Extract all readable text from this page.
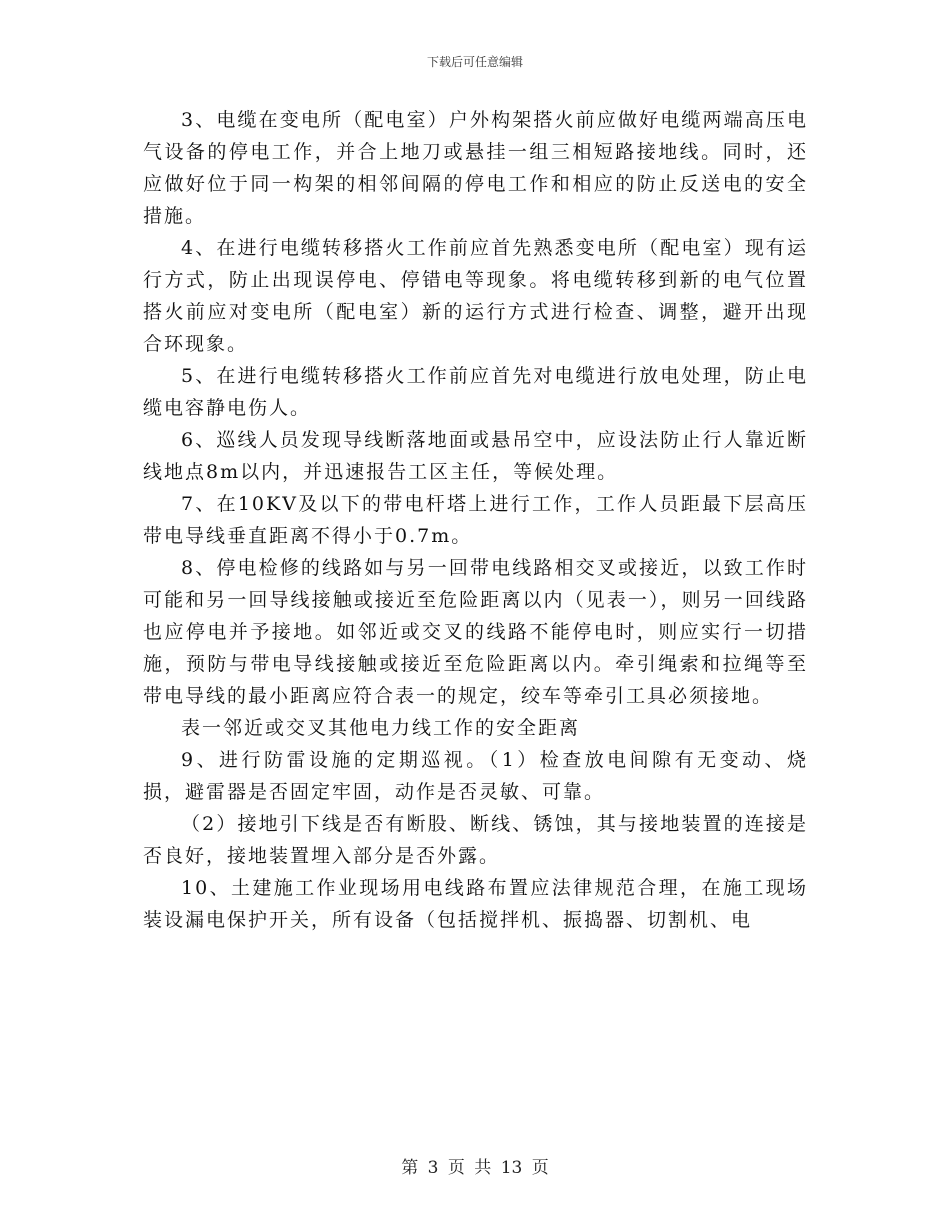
下载后可任意编辑

3、电缆在变电所（配电室）户外构架搭火前应做好电缆两端高压电气设备的停电工作，并合上地刀或悬挂一组三相短路接地线。同时，还应做好位于同一构架的相邻间隔的停电工作和相应的防止反送电的安全措施。

4、在进行电缆转移搭火工作前应首先熟悉变电所（配电室）现有运行方式，防止出现误停电、停错电等现象。将电缆转移到新的电气位置搭火前应对变电所（配电室）新的运行方式进行检查、调整，避开出现合环现象。

5、在进行电缆转移搭火工作前应首先对电缆进行放电处理，防止电缆电容静电伤人。

6、巡线人员发现导线断落地面或悬吊空中，应设法防止行人靠近断线地点8m以内，并迅速报告工区主任，等候处理。

7、在10KV及以下的带电杆塔上进行工作，工作人员距最下层高压带电导线垂直距离不得小于0.7m。

8、停电检修的线路如与另一回带电线路相交叉或接近，以致工作时可能和另一回导线接触或接近至危险距离以内（见表一），则另一回线路也应停电并予接地。如邻近或交叉的线路不能停电时，则应实行一切措施，预防与带电导线接触或接近至危险距离以内。牵引绳索和拉绳等至带电导线的最小距离应符合表一的规定，绞车等牵引工具必须接地。

表一邻近或交叉其他电力线工作的安全距离

9、进行防雷设施的定期巡视。（1）检查放电间隙有无变动、烧损，避雷器是否固定牢固，动作是否灵敏、可靠。

（2）接地引下线是否有断股、断线、锈蚀，其与接地装置的连接是否良好，接地装置埋入部分是否外露。

10、土建施工作业现场用电线路布置应法律规范合理，在施工现场装设漏电保护开关，所有设备（包括搅拌机、振捣器、切割机、电

第 3 页 共 13 页
